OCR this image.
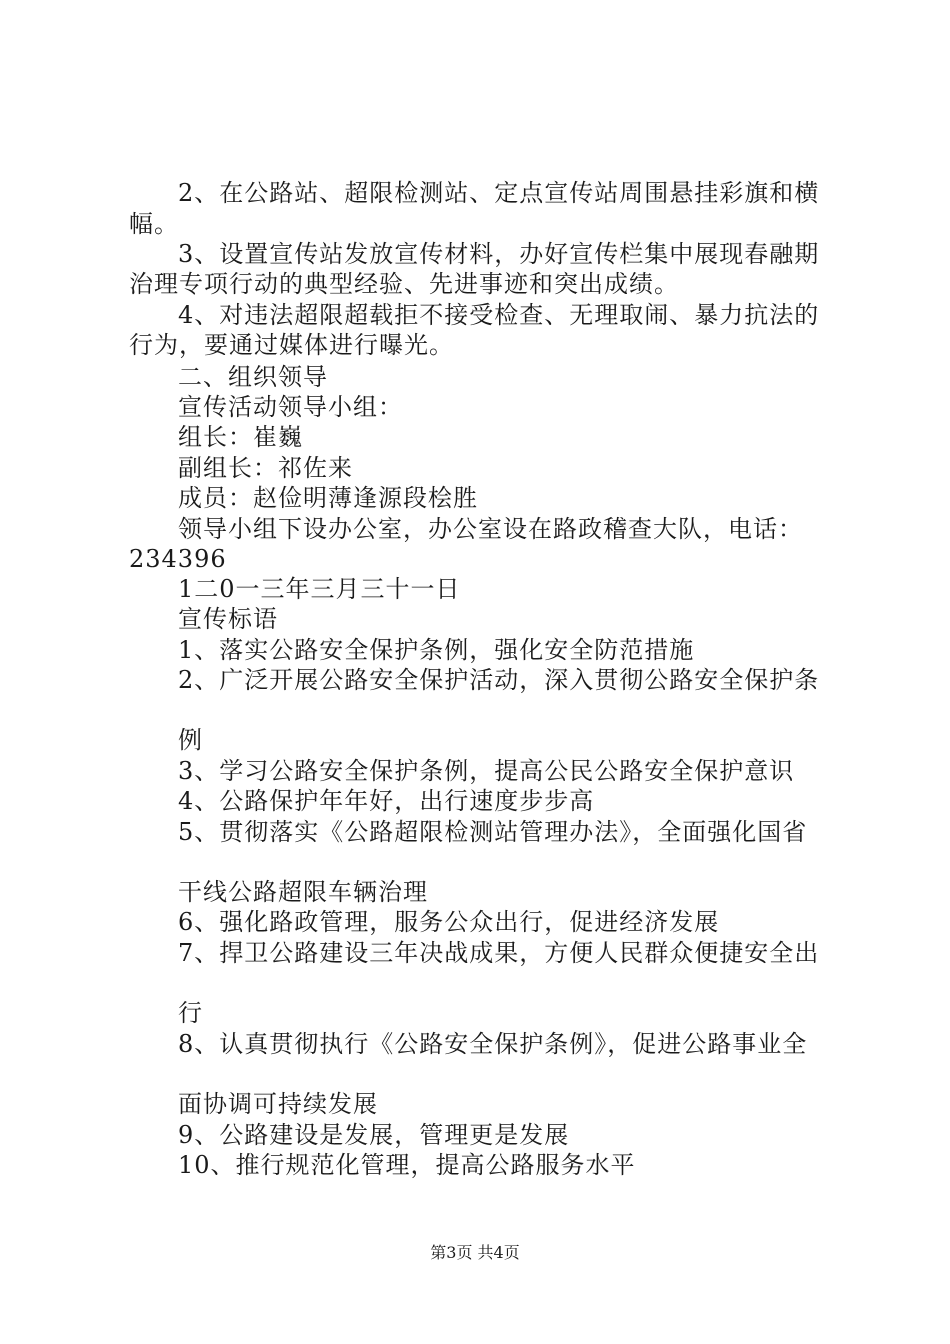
2、在公路站、超限检测站、定点宣传站周围悬挂彩旗和横
幅。
3、设置宣传站发放宣传材料，办好宣传栏集中展现春融期
治理专项行动的典型经验、先进事迹和突出成绩。
4、对违法超限超载拒不接受检查、无理取闹、暴力抗法的
行为，要通过媒体进行曝光。
二、组织领导
宣传活动领导小组：
组长：崔巍
副组长：祁佐来
成员：赵俭明薄逢源段桧胜
领导小组下设办公室，办公室设在路政稽查大队，电话：
234396
1二0一三年三月三十一日
宣传标语
1、落实公路安全保护条例，强化安全防范措施
2、广泛开展公路安全保护活动，深入贯彻公路安全保护条
例
3、学习公路安全保护条例，提高公民公路安全保护意识
4、公路保护年年好，出行速度步步高
5、贯彻落实《公路超限检测站管理办法》，全面强化国省
干线公路超限车辆治理
6、强化路政管理，服务公众出行，促进经济发展
7、捍卫公路建设三年决战成果，方便人民群众便捷安全出
行
8、认真贯彻执行《公路安全保护条例》，促进公路事业全
面协调可持续发展
9、公路建设是发展，管理更是发展
10、推行规范化管理，提高公路服务水平
第3页 共4页
